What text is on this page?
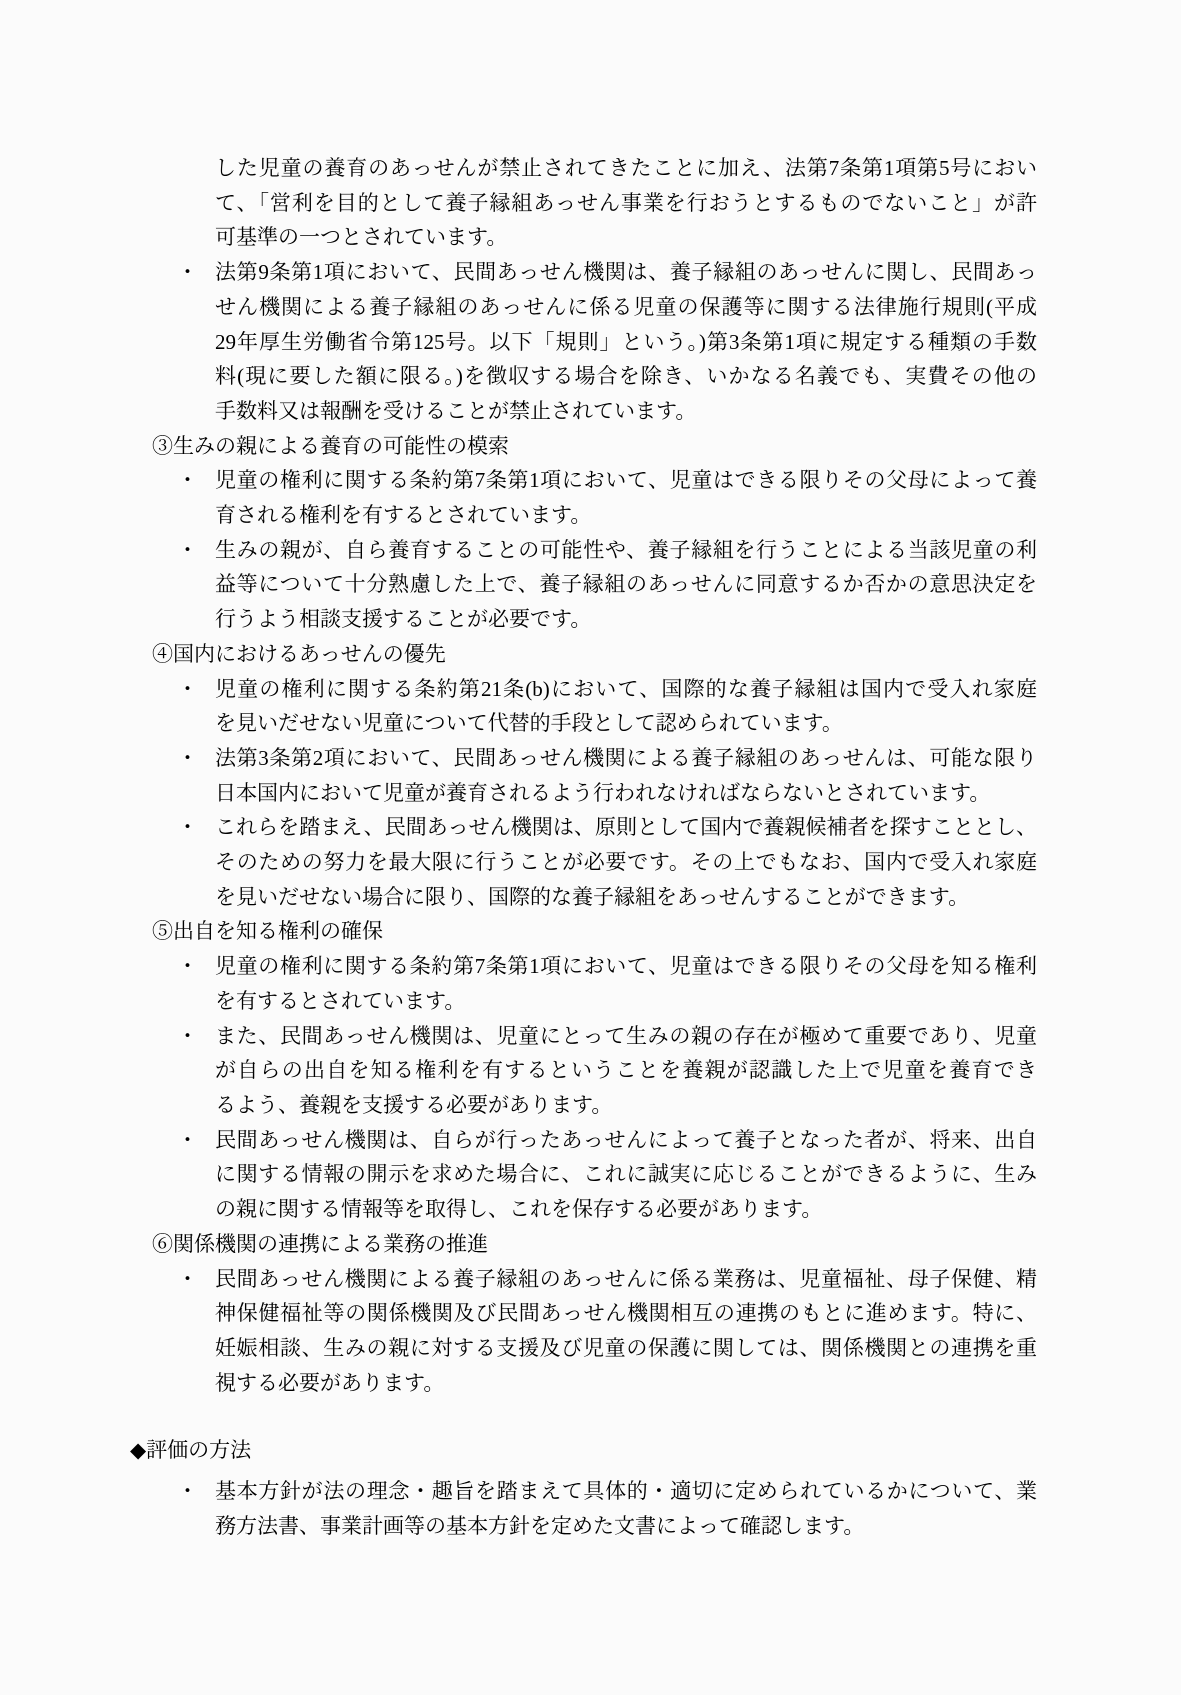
した児童の養育のあっせんが禁止されてきたことに加え、法第7条第1項第5号におい
て、「営利を目的として養子縁組あっせん事業を行おうとするものでないこと」が許
可基準の一つとされています。
・ 法第9条第1項において、民間あっせん機関は、養子縁組のあっせんに関し、民間あっ
せん機関による養子縁組のあっせんに係る児童の保護等に関する法律施行規則(平成
29年厚生労働省令第125号。以下「規則」という。)第3条第1項に規定する種類の手数
料(現に要した額に限る。)を徴収する場合を除き、いかなる名義でも、実費その他の
手数料又は報酬を受けることが禁止されています。
③生みの親による養育の可能性の模索
・ 児童の権利に関する条約第7条第1項において、児童はできる限りその父母によって養
育される権利を有するとされています。
・ 生みの親が、自ら養育することの可能性や、養子縁組を行うことによる当該児童の利
益等について十分熟慮した上で、養子縁組のあっせんに同意するか否かの意思決定を
行うよう相談支援することが必要です。
④国内におけるあっせんの優先
・ 児童の権利に関する条約第21条(b)において、国際的な養子縁組は国内で受入れ家庭
を見いだせない児童について代替的手段として認められています。
・ 法第3条第2項において、民間あっせん機関による養子縁組のあっせんは、可能な限り
日本国内において児童が養育されるよう行われなければならないとされています。
・ これらを踏まえ、民間あっせん機関は、原則として国内で養親候補者を探すこととし、
そのための努力を最大限に行うことが必要です。その上でもなお、国内で受入れ家庭
を見いだせない場合に限り、国際的な養子縁組をあっせんすることができます。
⑤出自を知る権利の確保
・ 児童の権利に関する条約第7条第1項において、児童はできる限りその父母を知る権利
を有するとされています。
・ また、民間あっせん機関は、児童にとって生みの親の存在が極めて重要であり、児童
が自らの出自を知る権利を有するということを養親が認識した上で児童を養育でき
るよう、養親を支援する必要があります。
・ 民間あっせん機関は、自らが行ったあっせんによって養子となった者が、将来、出自
に関する情報の開示を求めた場合に、これに誠実に応じることができるように、生み
の親に関する情報等を取得し、これを保存する必要があります。
⑥関係機関の連携による業務の推進
・ 民間あっせん機関による養子縁組のあっせんに係る業務は、児童福祉、母子保健、精
神保健福祉等の関係機関及び民間あっせん機関相互の連携のもとに進めます。特に、
妊娠相談、生みの親に対する支援及び児童の保護に関しては、関係機関との連携を重
視する必要があります。
◆評価の方法
・ 基本方針が法の理念・趣旨を踏まえて具体的・適切に定められているかについて、業
務方法書、事業計画等の基本方針を定めた文書によって確認します。
